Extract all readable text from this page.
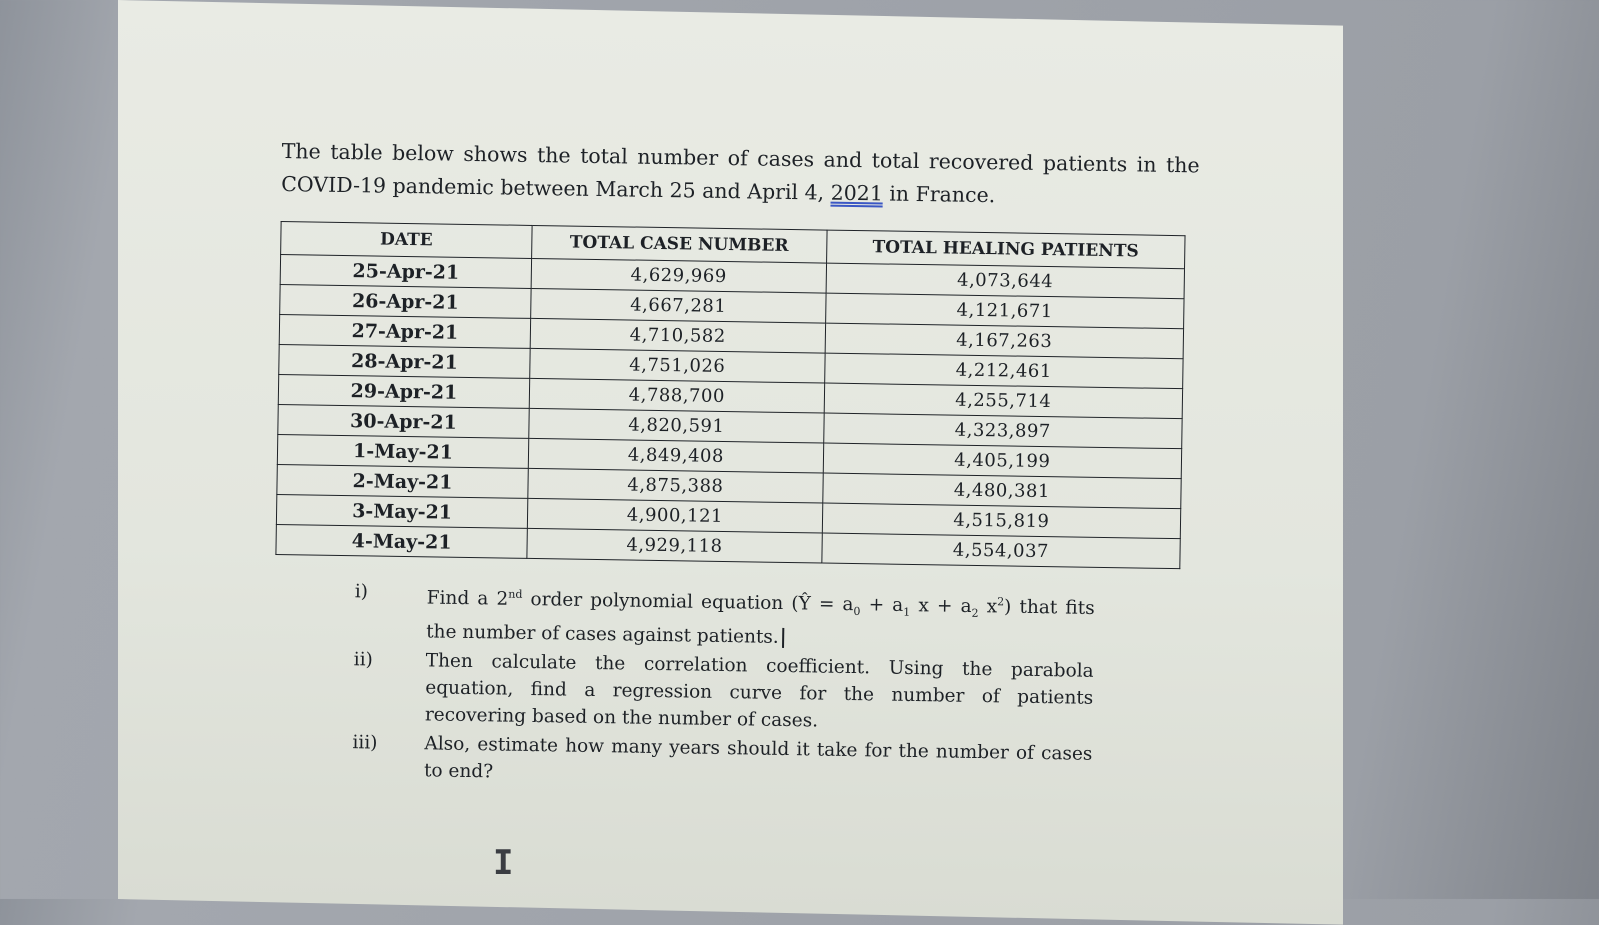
The table below shows the total number of cases and total recovered patients in the COVID-19 pandemic between March 25 and April 4, 2021 in France.

DATE	TOTAL CASE NUMBER	TOTAL HEALING PATIENTS
25-Apr-21	4,629,969	4,073,644
26-Apr-21	4,667,281	4,121,671
27-Apr-21	4,710,582	4,167,263
28-Apr-21	4,751,026	4,212,461
29-Apr-21	4,788,700	4,255,714
30-Apr-21	4,820,591	4,323,897
1-May-21	4,849,408	4,405,199
2-May-21	4,875,388	4,480,381
3-May-21	4,900,121	4,515,819
4-May-21	4,929,118	4,554,037
i)	Find a 2nd order polynomial equation (Ŷ = $a_0 + a_1$ $x + a_2$ $x^2$) that fits the number of cases against patients.
ii)	Then calculate the correlation coefficient. Using the parabola equation, find a regression curve for the number of patients recovering based on the number of cases.
iii)	Also, estimate how many years should it take for the number of cases to end?
I
